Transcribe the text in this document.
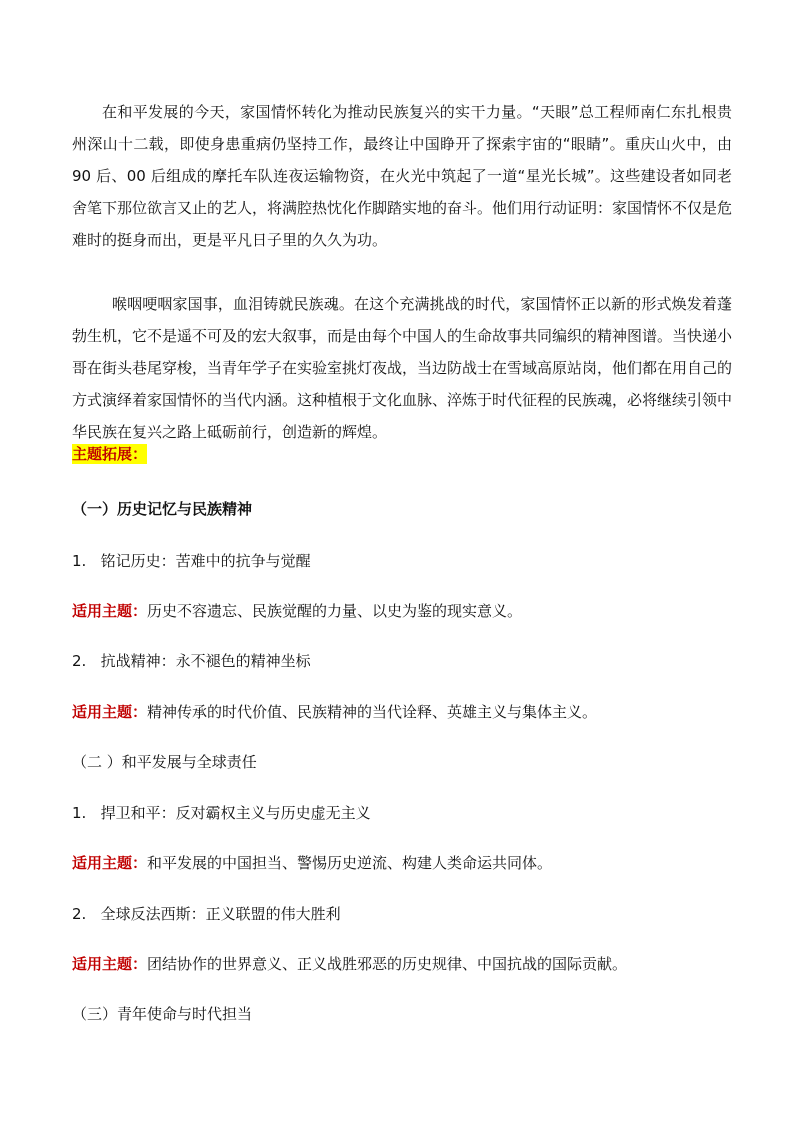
在和平发展的今天，家国情怀转化为推动民族复兴的实干力量。“天眼”总工程师南仁东扎根贵州深山十二载，即使身患重病仍坚持工作，最终让中国睁开了探索宇宙的“眼睛”。重庆山火中，由 90 后、00 后组成的摩托车队连夜运输物资，在火光中筑起了一道“星光长城”。这些建设者如同老舍笔下那位欲言又止的艺人，将满腔热忱化作脚踏实地的奋斗。他们用行动证明：家国情怀不仅是危难时的挺身而出，更是平凡日子里的久久为功。

喉咽哽咽家国事，血泪铸就民族魂。在这个充满挑战的时代，家国情怀正以新的形式焕发着蓬勃生机，它不是遥不可及的宏大叙事，而是由每个中国人的生命故事共同编织的精神图谱。当快递小哥在街头巷尾穿梭，当青年学子在实验室挑灯夜战，当边防战士在雪域高原站岗，他们都在用自己的方式演绎着家国情怀的当代内涵。这种植根于文化血脉、淬炼于时代征程的民族魂，必将继续引领中华民族在复兴之路上砥砺前行，创造新的辉煌。

主题拓展：

（一）历史记忆与民族精神

1. 铭记历史：苦难中的抗争与觉醒

适用主题：历史不容遗忘、民族觉醒的力量、以史为鉴的现实意义。

2. 抗战精神：永不褪色的精神坐标

适用主题：精神传承的时代价值、民族精神的当代诠释、英雄主义与集体主义。

（二 ）和平发展与全球责任

1. 捍卫和平：反对霸权主义与历史虚无主义

适用主题：和平发展的中国担当、警惕历史逆流、构建人类命运共同体。

2. 全球反法西斯：正义联盟的伟大胜利

适用主题：团结协作的世界意义、正义战胜邪恶的历史规律、中国抗战的国际贡献。

（三）青年使命与时代担当
